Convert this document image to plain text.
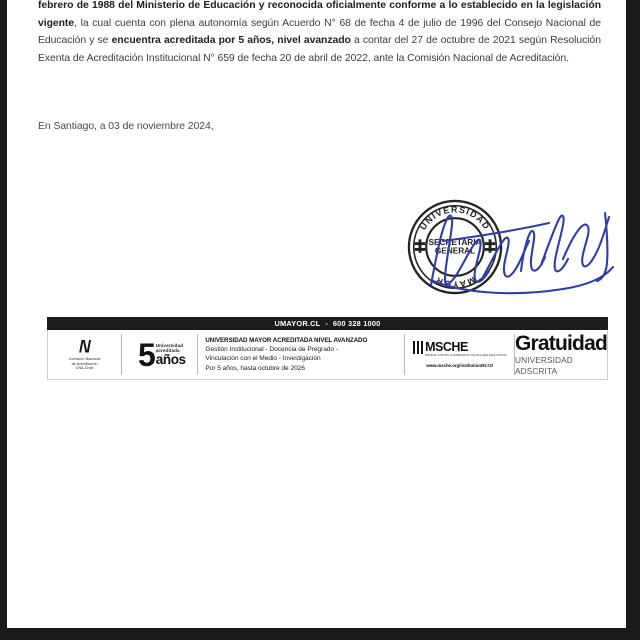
febrero de 1988 del Ministerio de Educación y reconocida oficialmente conforme a lo establecido en la legislación vigente, la cual cuenta con plena autonomía según Acuerdo N° 68 de fecha 4 de julio de 1996 del Consejo Nacional de Educación y se encuentra acreditada por 5 años, nivel avanzado a contar del 27 de octubre de 2021 según Resolución Exenta de Acreditación Institucional N° 659 de fecha 20 de abril de 2022, ante la Comisión Nacional de Acreditación.

En Santiago, a 03 de noviembre 2024,
UNIVERSIDAD
MAYOR
SECRETARIA
GENERAL
UMAYOR.CL - 600 328 1000
/\/
Comisión Nacional
de Acreditación
CNA-Chile 5 Universidad
acreditada
años
UNIVERSIDAD MAYOR ACREDITADA NIVEL AVANZADO
Gestión Institucional - Docencia de Pregrado -
Vinculación con el Medio - Investigación
Por 5 años, hasta octubre de 2026
MSCHE
MIDDLE STATES COMMISSION ON HIGHER EDUCATION
www.msche.org/institution/9172/
Gratuidad
UNIVERSIDAD ADSCRITA
